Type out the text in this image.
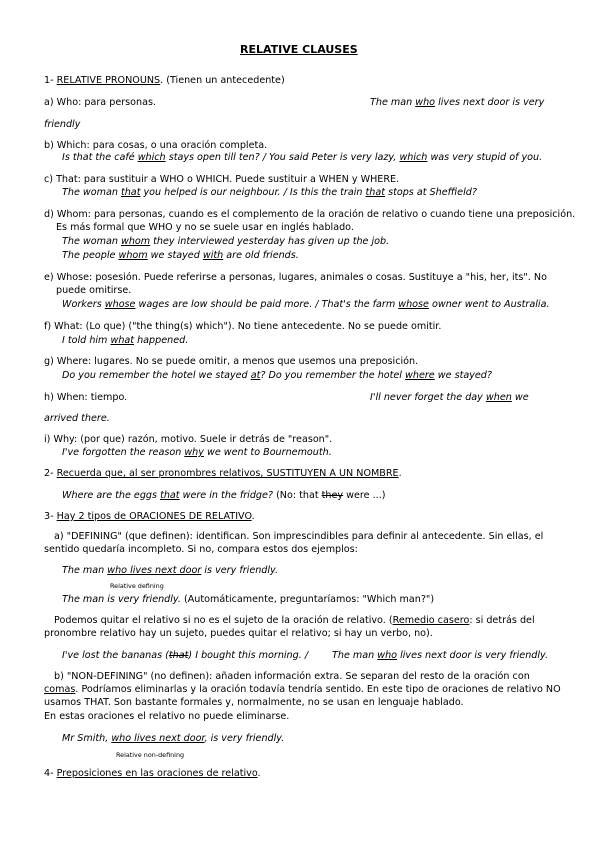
RELATIVE CLAUSES
1- RELATIVE PRONOUNS. (Tienen un antecedente)
a) Who: para personas.	The man who lives next door is very
friendly
b) Which: para cosas, o una oración completa.
Is that the café which stays open till ten? / You said Peter is very lazy, which was very stupid of you.
c) That: para sustituir a WHO o WHICH. Puede sustituir a WHEN y WHERE.
The woman that you helped is our neighbour. / Is this the train that stops at Sheffield?
d) Whom: para personas, cuando es el complemento de la oración de relativo o cuando tiene una preposición.
Es más formal que WHO y no se suele usar en inglés hablado.
The woman whom they interviewed yesterday has given up the job.
The people whom we stayed with are old friends.
e) Whose: posesión. Puede referirse a personas, lugares, animales o cosas. Sustituye a "his, her, its". No
puede omitirse.
Workers whose wages are low should be paid more. / That's the farm whose owner went to Australia.
f) What: (Lo que) ("the thing(s) which"). No tiene antecedente. No se puede omitir.
I told him what happened.
g) Where: lugares. No se puede omitir, a menos que usemos una preposición.
Do you remember the hotel we stayed at? Do you remember the hotel where we stayed?
h) When: tiempo.	I'll never forget the day when we
arrived there.
i) Why: (por que) razón, motivo. Suele ir detrás de "reason".
I've forgotten the reason why we went to Bournemouth.
2- Recuerda que, al ser pronombres relativos, SUSTITUYEN A UN NOMBRE.
Where are the eggs that were in the fridge? (No: that they were ...)
3- Hay 2 tipos de ORACIONES DE RELATIVO.
a) "DEFINING" (que definen): identifican. Son imprescindibles para definir al antecedente. Sin ellas, el
sentido quedaría incompleto. Si no, compara estos dos ejemplos:
The man who lives next door is very friendly.
Relative defining
The man is very friendly. (Automáticamente, preguntaríamos: "Which man?")
Podemos quitar el relativo si no es el sujeto de la oración de relativo. (Remedio casero: si detrás del
pronombre relativo hay un sujeto, puedes quitar el relativo; si hay un verbo, no).
I've lost the bananas (that) I bought this morning. / The man who lives next door is very friendly.
b) "NON-DEFINING" (no definen): añaden información extra. Se separan del resto de la oración con
comas. Podríamos eliminarlas y la oración todavía tendría sentido. En este tipo de oraciones de relativo NO
usamos THAT. Son bastante formales y, normalmente, no se usan en lenguaje hablado.
En estas oraciones el relativo no puede eliminarse.
Mr Smith, who lives next door, is very friendly.
Relative non-defining
4- Preposiciones en las oraciones de relativo.
